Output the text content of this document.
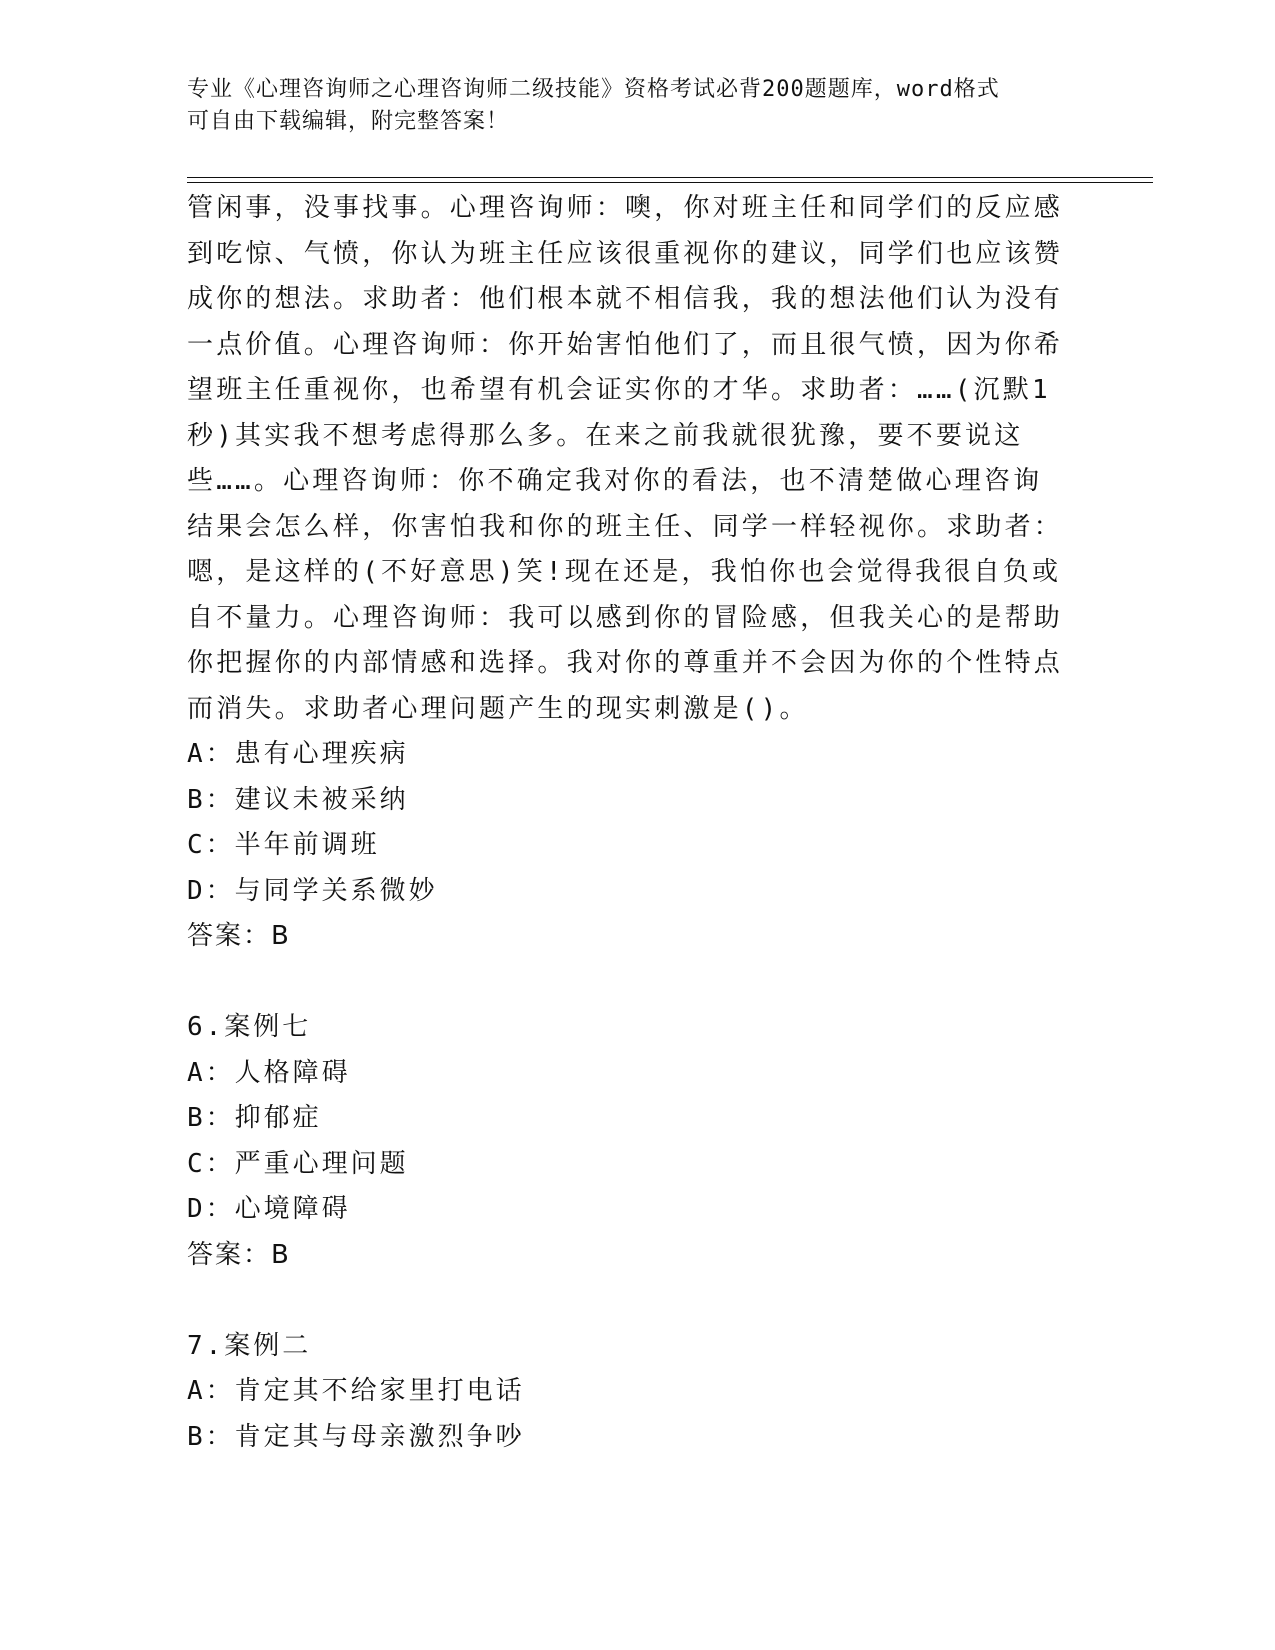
专业《心理咨询师之心理咨询师二级技能》资格考试必背200题题库，word格式
可自由下载编辑，附完整答案！

管闲事，没事找事。心理咨询师：噢，你对班主任和同学们的反应感到吃惊、气愤，你认为班主任应该很重视你的建议，同学们也应该赞成你的想法。求助者：他们根本就不相信我，我的想法他们认为没有一点价值。心理咨询师：你开始害怕他们了，而且很气愤，因为你希望班主任重视你，也希望有机会证实你的才华。求助者：……(沉默1秒)其实我不想考虑得那么多。在来之前我就很犹豫，要不要说这些……。心理咨询师：你不确定我对你的看法，也不清楚做心理咨询结果会怎么样，你害怕我和你的班主任、同学一样轻视你。求助者：嗯，是这样的(不好意思)笑!现在还是，我怕你也会觉得我很自负或自不量力。心理咨询师：我可以感到你的冒险感，但我关心的是帮助你把握你的内部情感和选择。我对你的尊重并不会因为你的个性特点而消失。求助者心理问题产生的现实刺激是()。

A：患有心理疾病

B：建议未被采纳

C：半年前调班

D：与同学关系微妙

答案：B

6.案例七

A：人格障碍

B：抑郁症

C：严重心理问题

D：心境障碍

答案：B

7.案例二

A：肯定其不给家里打电话

B：肯定其与母亲激烈争吵
